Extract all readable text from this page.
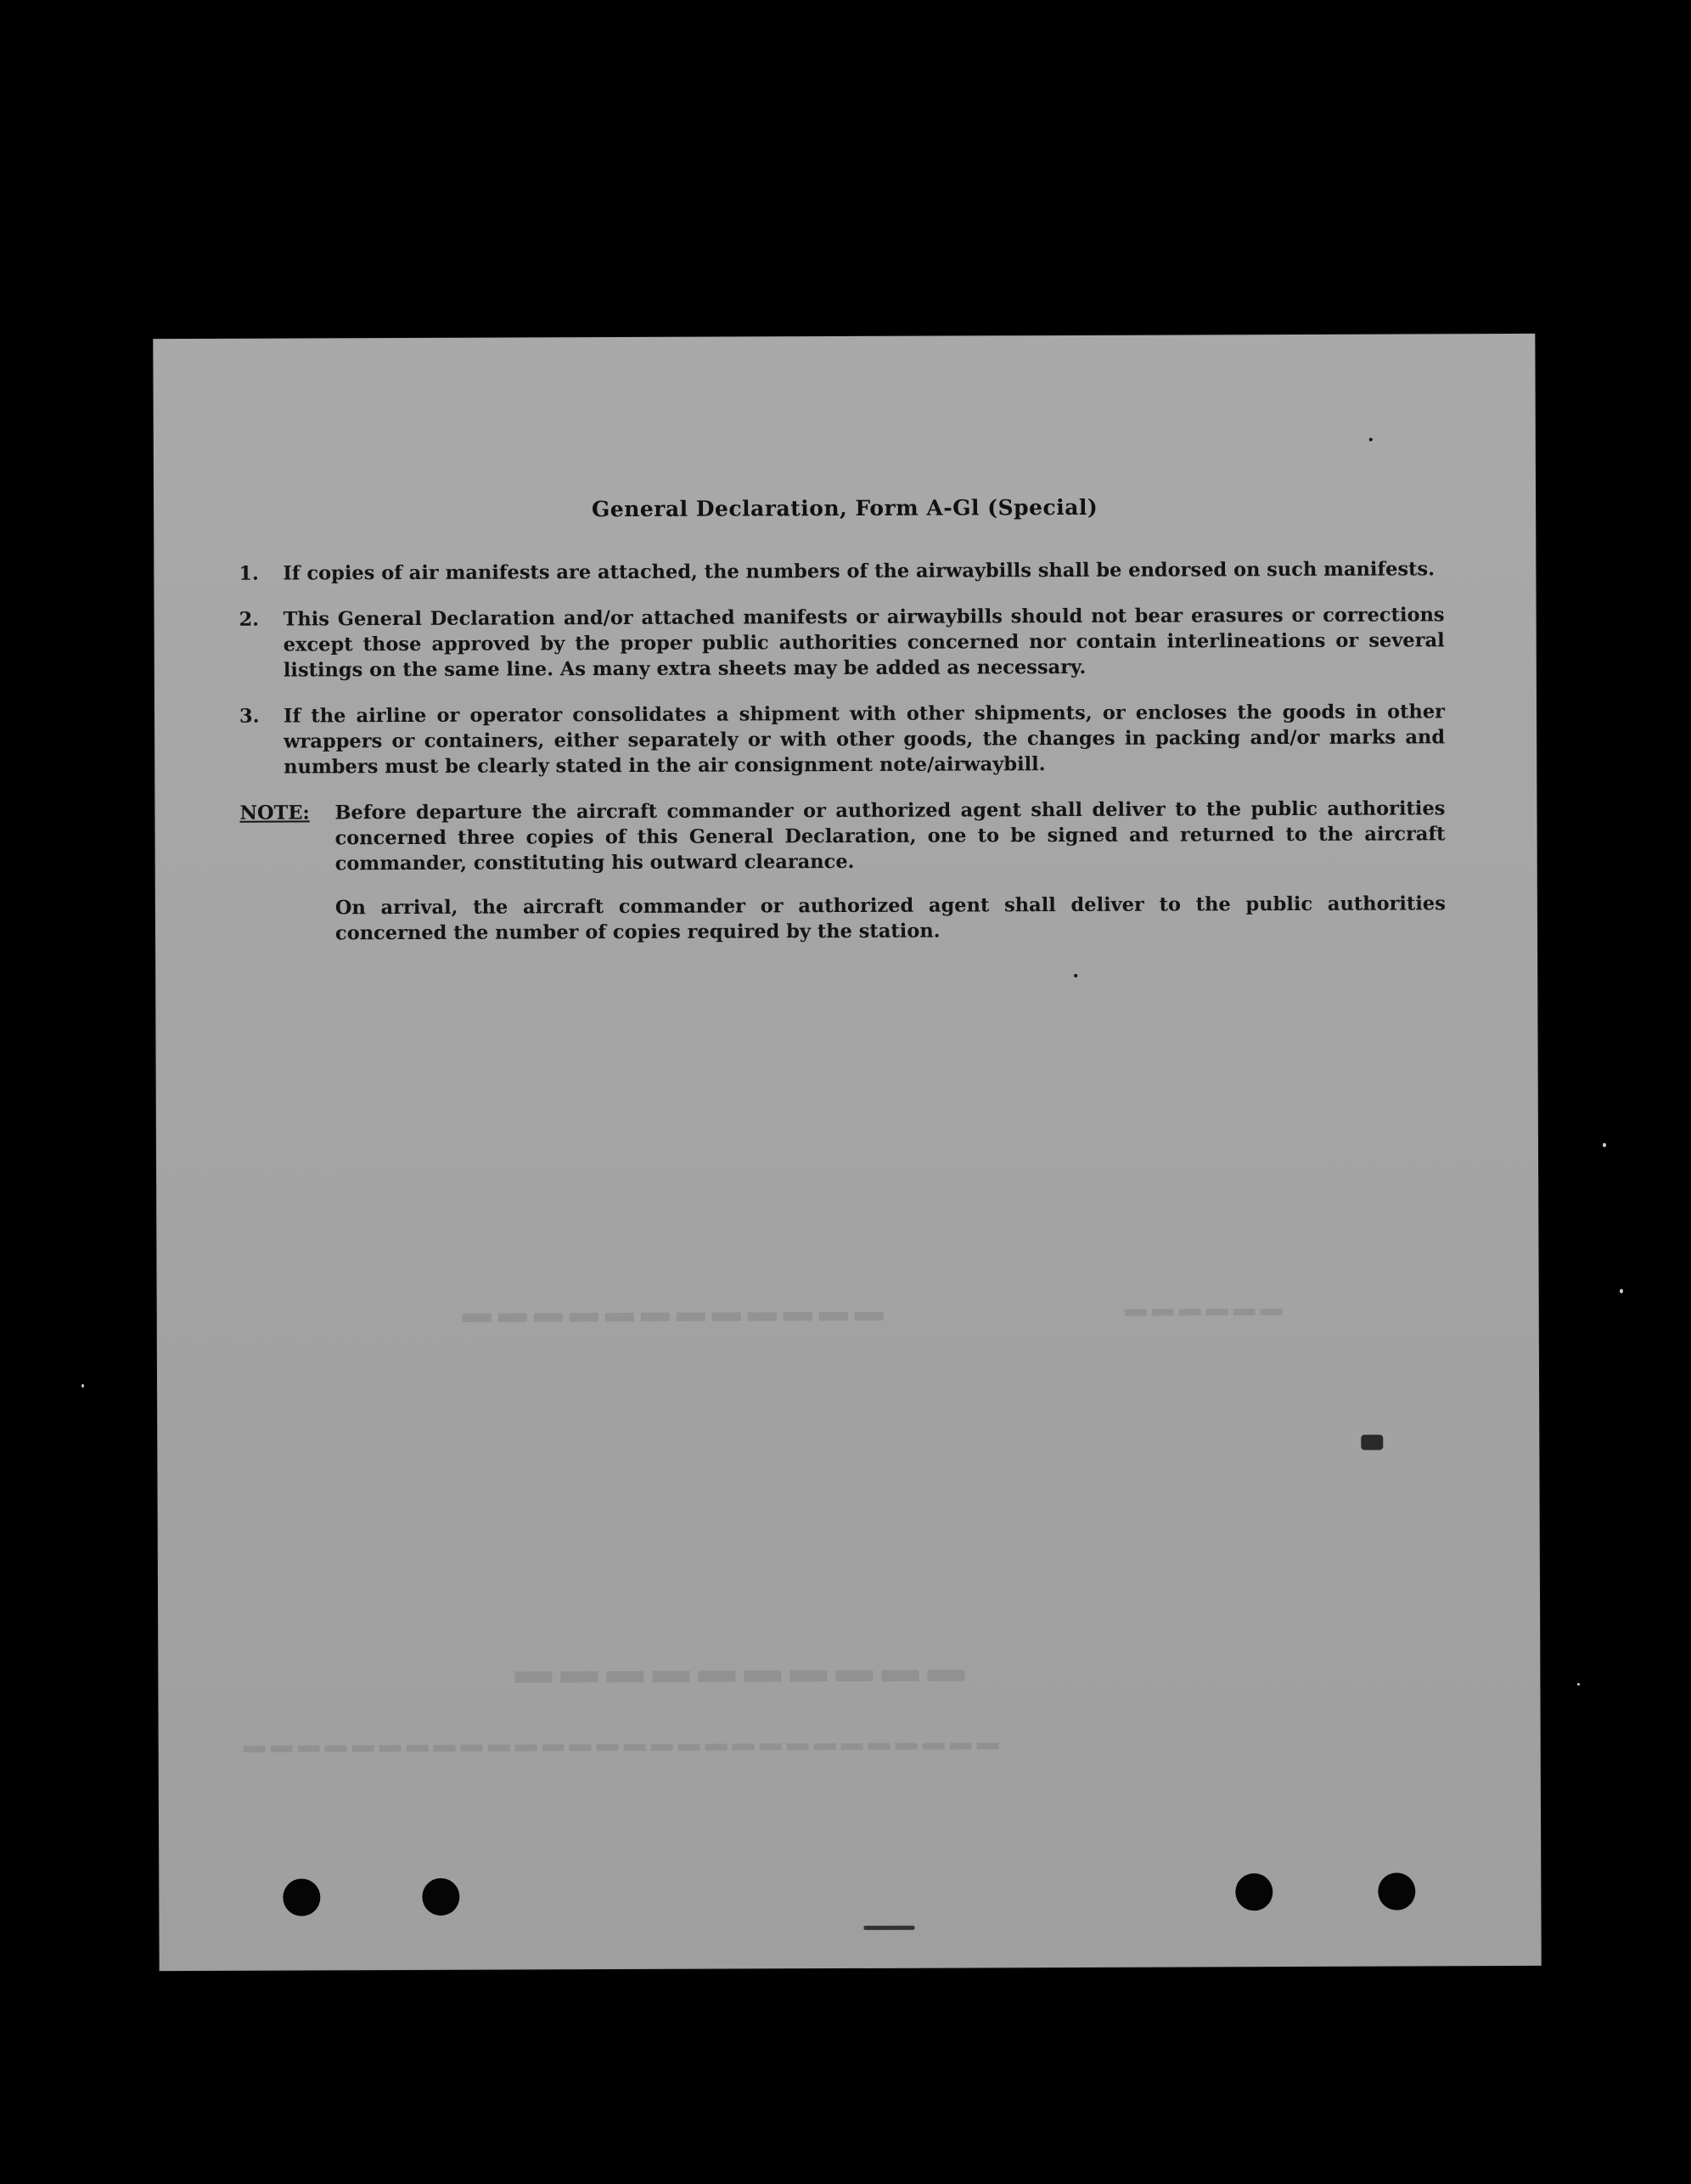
▬▬▬▬▬▬▬▬▬▬▬▬
▬▬▬▬▬▬▬▬▬▬
▬▬▬▬▬▬▬▬▬▬▬▬▬▬▬▬▬▬▬▬▬▬▬▬▬▬▬▬
▬▬▬▬▬▬
General Declaration, Form A-Gl (Special)
1. If copies of air manifests are attached, the numbers of the airwaybills shall be endorsed on such manifests.
2. This General Declaration and/or attached manifests or airwaybills should not bear erasures or corrections except those approved by the proper public authorities concerned nor contain interlineations or several listings on the same line. As many extra sheets may be added as necessary.
3. If the airline or operator consolidates a shipment with other shipments, or encloses the goods in other wrappers or containers, either separately or with other goods, the changes in packing and/or marks and numbers must be clearly stated in the air consignment note/airwaybill.
NOTE: Before departure the aircraft commander or authorized agent shall deliver to the public authorities concerned three copies of this General Declaration, one to be signed and returned to the aircraft commander, constituting his outward clearance.
On arrival, the aircraft commander or authorized agent shall deliver to the public authorities concerned the number of copies required by the station.
